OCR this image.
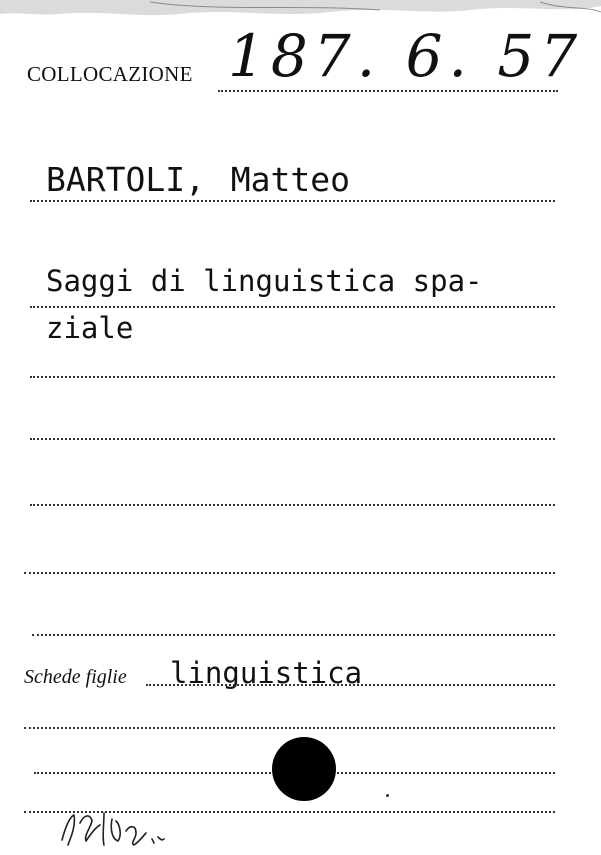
COLLOCAZIONE 187. 6. 57
BARTOLI, Matteo
Saggi di linguistica spa-
ziale
Schede figlie linguistica
